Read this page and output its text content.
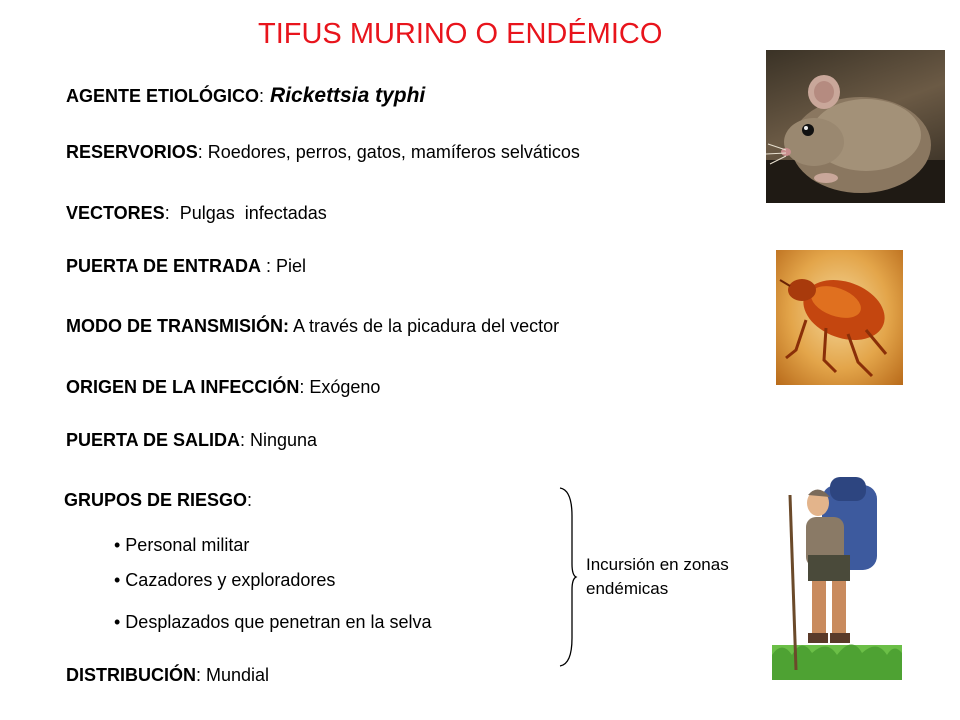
TIFUS MURINO O ENDÉMICO
AGENTE ETIOLÓGICO: Rickettsia typhi
RESERVORIOS: Roedores, perros, gatos, mamíferos selváticos
VECTORES:  Pulgas  infectadas
PUERTA DE ENTRADA : Piel
MODO DE TRANSMISIÓN: A través de la picadura del vector
ORIGEN DE LA INFECCIÓN: Exógeno
PUERTA DE SALIDA: Ninguna
GRUPOS DE RIESGO:
• Personal militar
• Cazadores y exploradores
• Desplazados que penetran en la selva
Incursión en zonas endémicas
DISTRIBUCIÓN: Mundial
